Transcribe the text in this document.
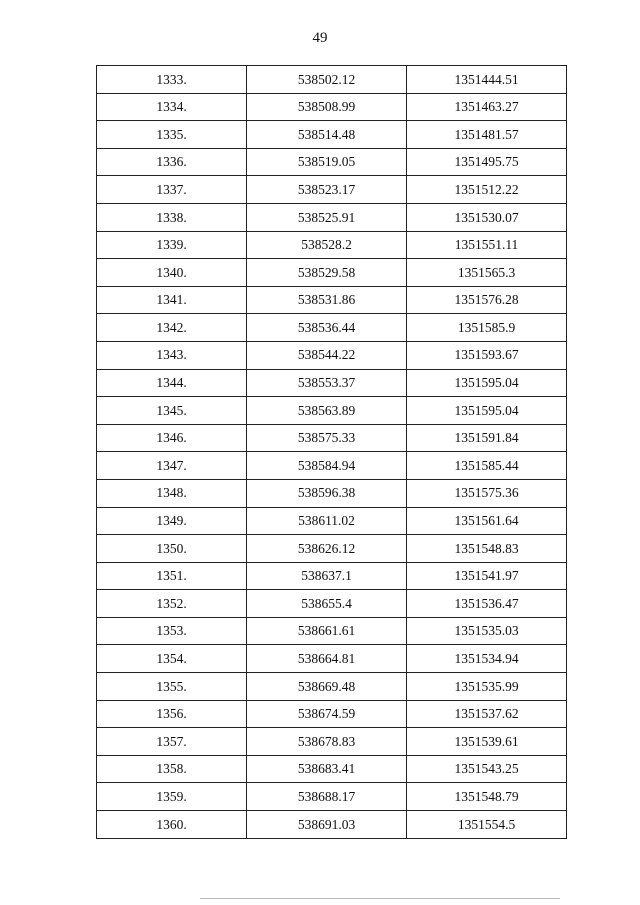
49
1333.	538502.12	1351444.51
1334.	538508.99	1351463.27
1335.	538514.48	1351481.57
1336.	538519.05	1351495.75
1337.	538523.17	1351512.22
1338.	538525.91	1351530.07
1339.	538528.2	1351551.11
1340.	538529.58	1351565.3
1341.	538531.86	1351576.28
1342.	538536.44	1351585.9
1343.	538544.22	1351593.67
1344.	538553.37	1351595.04
1345.	538563.89	1351595.04
1346.	538575.33	1351591.84
1347.	538584.94	1351585.44
1348.	538596.38	1351575.36
1349.	538611.02	1351561.64
1350.	538626.12	1351548.83
1351.	538637.1	1351541.97
1352.	538655.4	1351536.47
1353.	538661.61	1351535.03
1354.	538664.81	1351534.94
1355.	538669.48	1351535.99
1356.	538674.59	1351537.62
1357.	538678.83	1351539.61
1358.	538683.41	1351543.25
1359.	538688.17	1351548.79
1360.	538691.03	1351554.5
